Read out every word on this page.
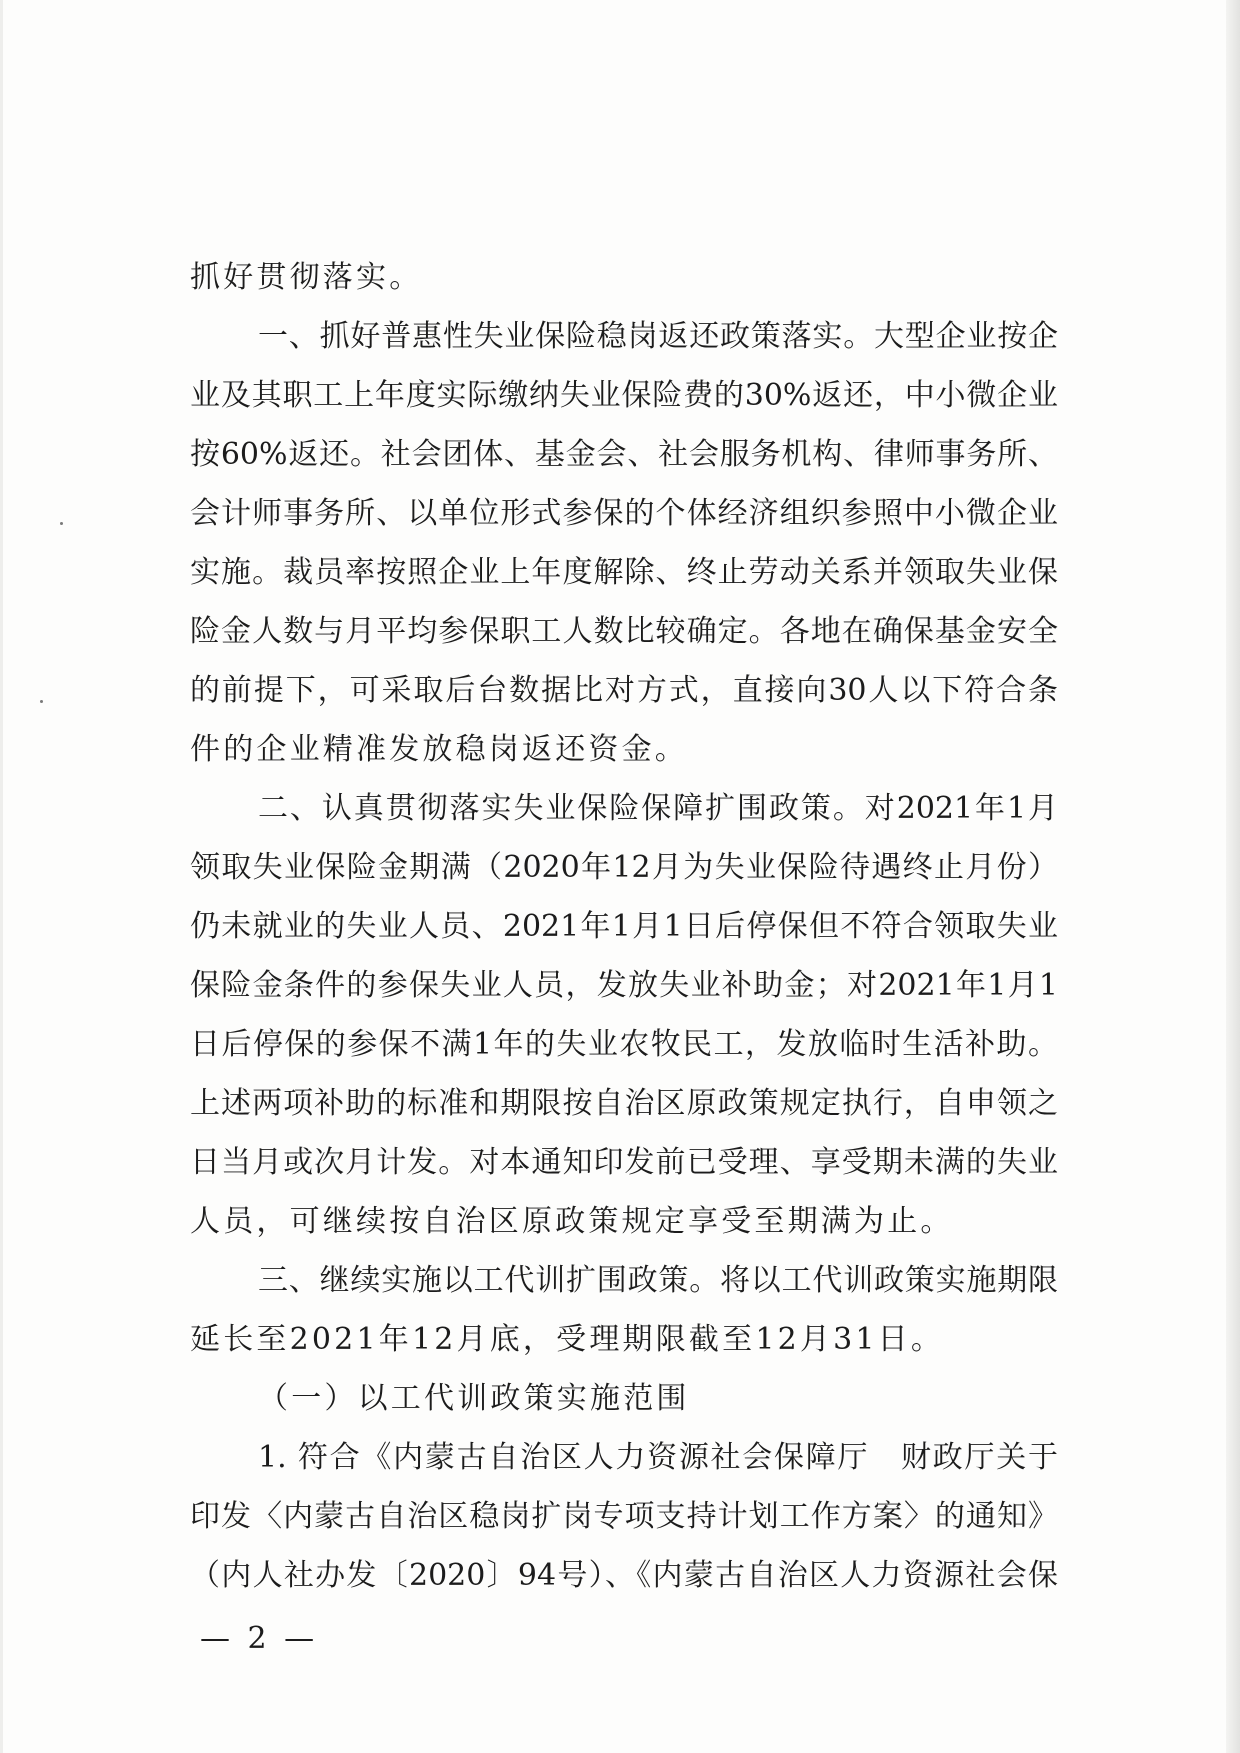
抓好贯彻落实。
一、抓好普惠性失业保险稳岗返还政策落实。大型企业按企
业及其职工上年度实际缴纳失业保险费的30%返还，中小微企业
按60%返还。社会团体、基金会、社会服务机构、律师事务所、
会计师事务所、以单位形式参保的个体经济组织参照中小微企业
实施。裁员率按照企业上年度解除、终止劳动关系并领取失业保
险金人数与月平均参保职工人数比较确定。各地在确保基金安全
的前提下，可采取后台数据比对方式，直接向30人以下符合条
件的企业精准发放稳岗返还资金。
二、认真贯彻落实失业保险保障扩围政策。对2021年1月
领取失业保险金期满（2020年12月为失业保险待遇终止月份）
仍未就业的失业人员、2021年1月1日后停保但不符合领取失业
保险金条件的参保失业人员，发放失业补助金；对2021年1月1
日后停保的参保不满1年的失业农牧民工，发放临时生活补助。
上述两项补助的标准和期限按自治区原政策规定执行，自申领之
日当月或次月计发。对本通知印发前已受理、享受期未满的失业
人员，可继续按自治区原政策规定享受至期满为止。
三、继续实施以工代训扩围政策。将以工代训政策实施期限
延长至2021年12月底，受理期限截至12月31日。
（一）以工代训政策实施范围
1. 符合《内蒙古自治区人力资源社会保障厅　财政厅关于
印发〈内蒙古自治区稳岗扩岗专项支持计划工作方案〉的通知》
（内人社办发〔2020〕94号）、《内蒙古自治区人力资源社会保
— 2 —
